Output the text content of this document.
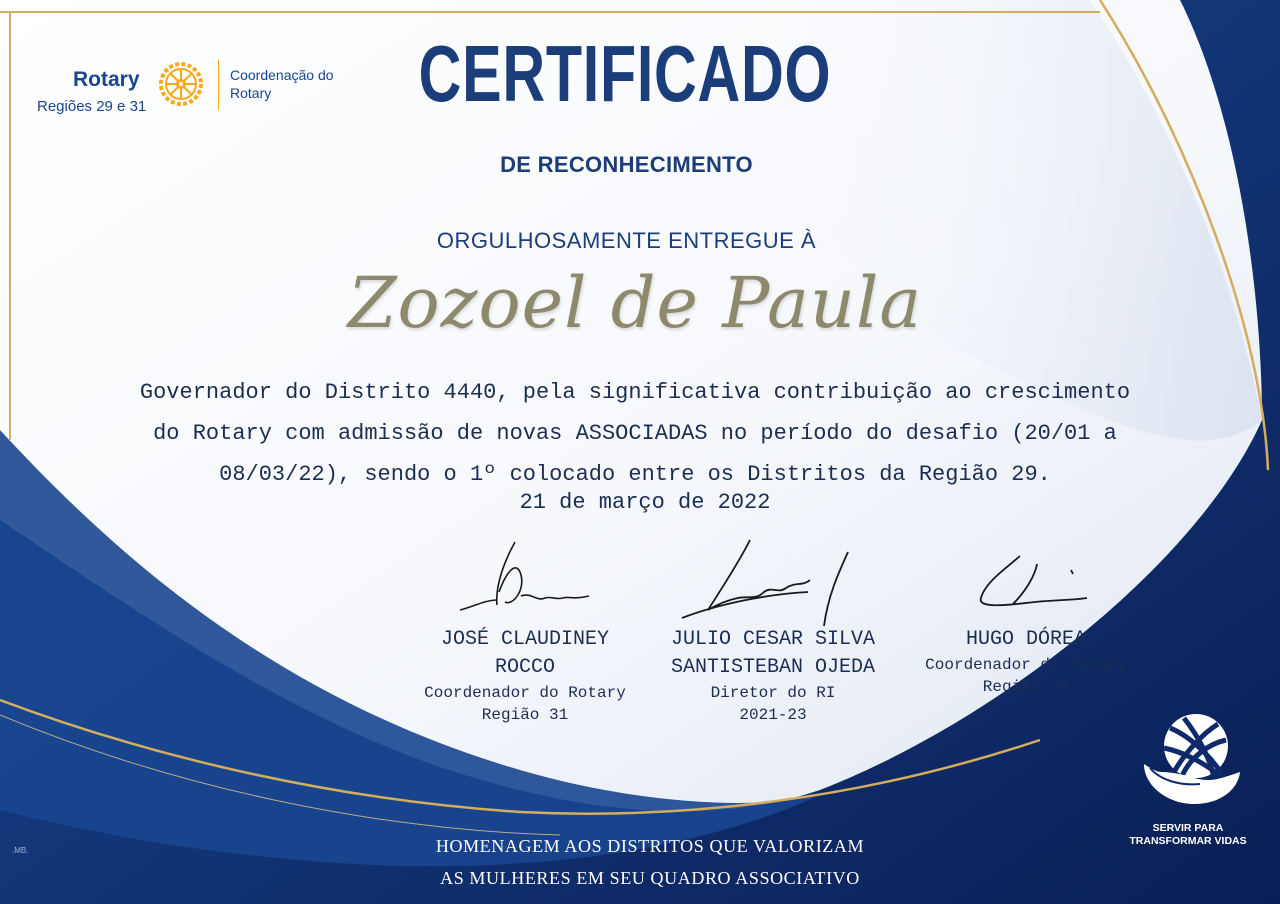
Rotary
Regiões 29 e 31
Coordenação do Rotary	CERTIFICADO
DE RECONHECIMENTO
ORGULHOSAMENTE ENTREGUE À
Zozoel de Paula
Governador do Distrito 4440, pela significativa contribuição ao crescimento
do Rotary com admissão de novas ASSOCIADAS no período do desafio (20/01 a
08/03/22), sendo o 1º colocado entre os Distritos da Região 29.
21 de março de 2022
JOSÉ CLAUDINEY
ROCCO
Coordenador do Rotary
Região 31
JULIO CESAR SILVA
SANTISTEBAN OJEDA
Diretor do RI
2021-23
HUGO DÓREA
Coordenador do Rotary
Região 29
SERVIR PARA
TRANSFORMAR VIDAS
HOMENAGEM AOS DISTRITOS QUE VALORIZAM
AS MULHERES EM SEU QUADRO ASSOCIATIVO
.MB.
